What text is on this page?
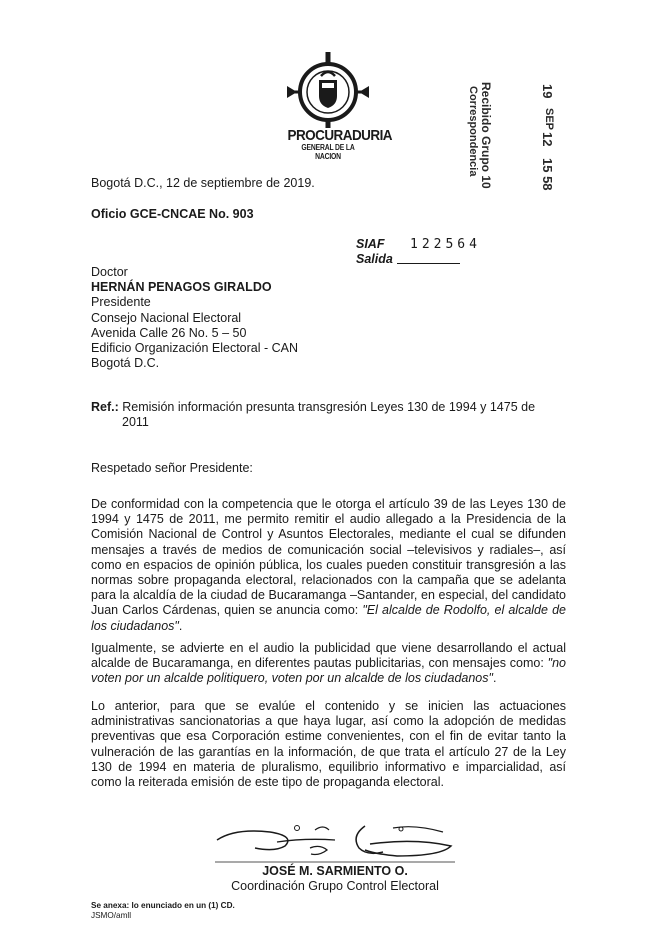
PROCURADURIA
GENERAL DE LA NACION	Recibido Grupo 10
Correspondencia	19
SEP
12
15 58
Bogotá D.C., 12 de septiembre de 2019.
Oficio GCE-CNCAE No. 903
SIAF 122564
Salida
Doctor
HERNÁN PENAGOS GIRALDO
Presidente
Consejo Nacional Electoral
Avenida Calle 26 No. 5 – 50
Edificio Organización Electoral - CAN
Bogotá D.C.
Ref.: Remisión información presunta transgresión Leyes 130 de 1994 y 1475 de
2011
Respetado señor Presidente:
De conformidad con la competencia que le otorga el artículo 39 de las Leyes 130 de 1994 y 1475 de 2011, me permito remitir el audio allegado a la Presidencia de la Comisión Nacional de Control y Asuntos Electorales, mediante el cual se difunden mensajes a través de medios de comunicación social –televisivos y radiales–, así como en espacios de opinión pública, los cuales pueden constituir transgresión a las normas sobre propaganda electoral, relacionados con la campaña que se adelanta para la alcaldía de la ciudad de Bucaramanga –Santander, en especial, del candidato Juan Carlos Cárdenas, quien se anuncia como: "El alcalde de Rodolfo, el alcalde de los ciudadanos".
Igualmente, se advierte en el audio la publicidad que viene desarrollando el actual alcalde de Bucaramanga, en diferentes pautas publicitarias, con mensajes como: "no voten por un alcalde politiquero, voten por un alcalde de los ciudadanos".
Lo anterior, para que se evalúe el contenido y se inicien las actuaciones administrativas sancionatorias a que haya lugar, así como la adopción de medidas preventivas que esa Corporación estime convenientes, con el fin de evitar tanto la vulneración de las garantías en la información, de que trata el artículo 27 de la Ley 130 de 1994 en materia de pluralismo, equilibrio informativo e imparcialidad, así como la reiterada emisión de este tipo de propaganda electoral.
JOSÉ M. SARMIENTO O.
Coordinación Grupo Control Electoral
Se anexa: lo enunciado en un (1) CD.
JSMO/amll
